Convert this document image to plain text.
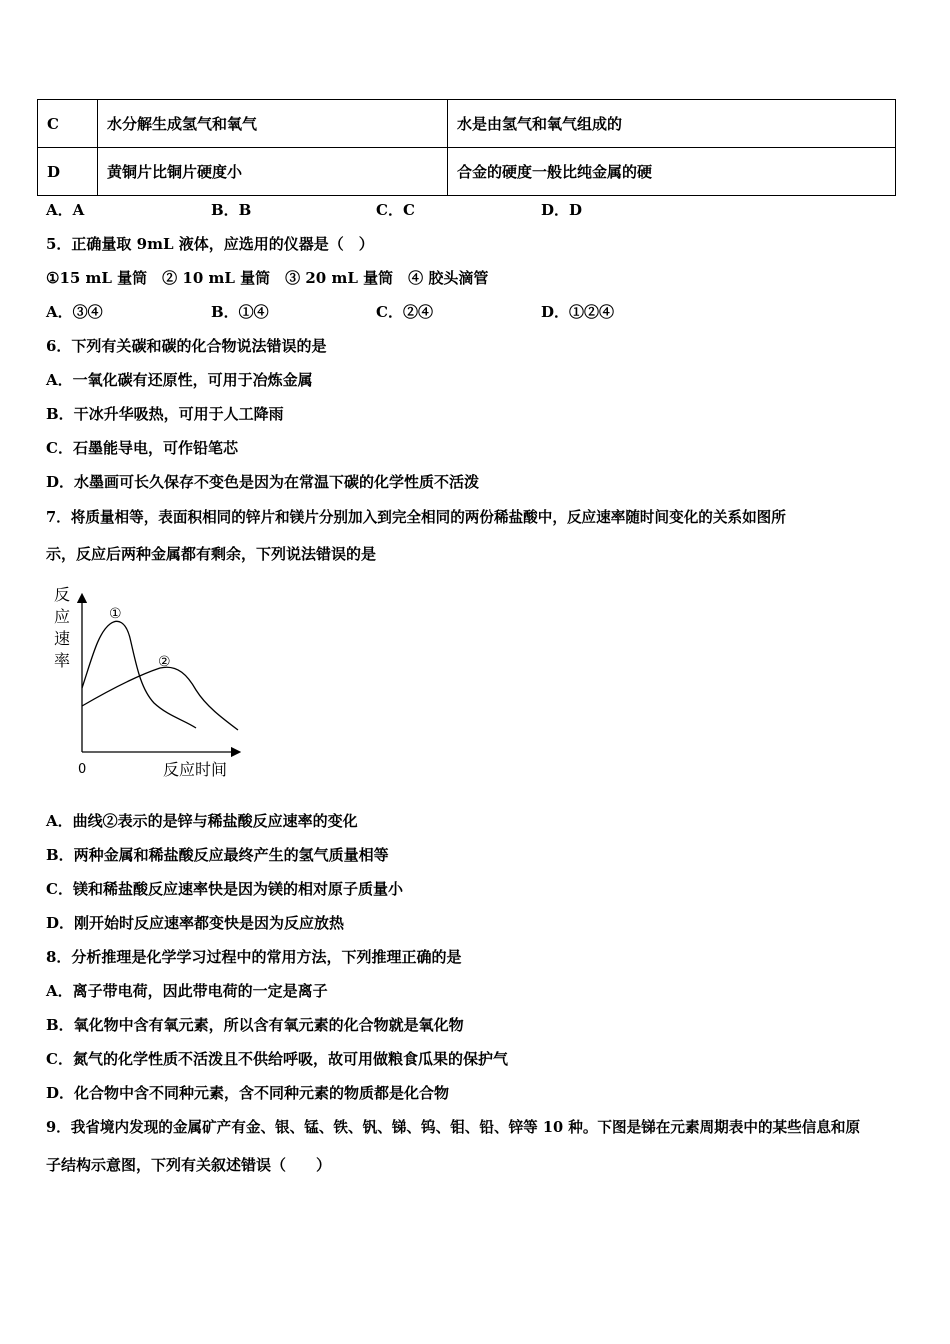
C	水分解生成氢气和氧气	水是由氢气和氧气组成的
D	黄铜片比铜片硬度小	合金的硬度一般比纯金属的硬
A．A	B．B	C．C	D．D
5．正确量取 9mL 液体，应选用的仪器是（　）
①15 mL 量筒　② 10 mL 量筒　③ 20 mL 量筒　④ 胶头滴管
A．③④	B．①④	C．②④	D．①②④
6．下列有关碳和碳的化合物说法错误的是
A．一氧化碳有还原性，可用于冶炼金属
B．干冰升华吸热，可用于人工降雨
C．石墨能导电，可作铅笔芯
D．水墨画可长久保存不变色是因为在常温下碳的化学性质不活泼
7．将质量相等，表面积相同的锌片和镁片分别加入到完全相同的两份稀盐酸中，反应速率随时间变化的关系如图所
示，反应后两种金属都有剩余，下列说法错误的是
反
应
速
率
①
②
0	反应时间
A．曲线②表示的是锌与稀盐酸反应速率的变化
B．两种金属和稀盐酸反应最终产生的氢气质量相等
C．镁和稀盐酸反应速率快是因为镁的相对原子质量小
D．刚开始时反应速率都变快是因为反应放热
8．分析推理是化学学习过程中的常用方法，下列推理正确的是
A．离子带电荷，因此带电荷的一定是离子
B．氧化物中含有氧元素，所以含有氧元素的化合物就是氧化物
C．氮气的化学性质不活泼且不供给呼吸，故可用做粮食瓜果的保护气
D．化合物中含不同种元素，含不同种元素的物质都是化合物
9．我省境内发现的金属矿产有金、银、锰、铁、钒、锑、钨、钼、铅、锌等 10 种。下图是锑在元素周期表中的某些信息和原
子结构示意图，下列有关叙述错误（　　）
